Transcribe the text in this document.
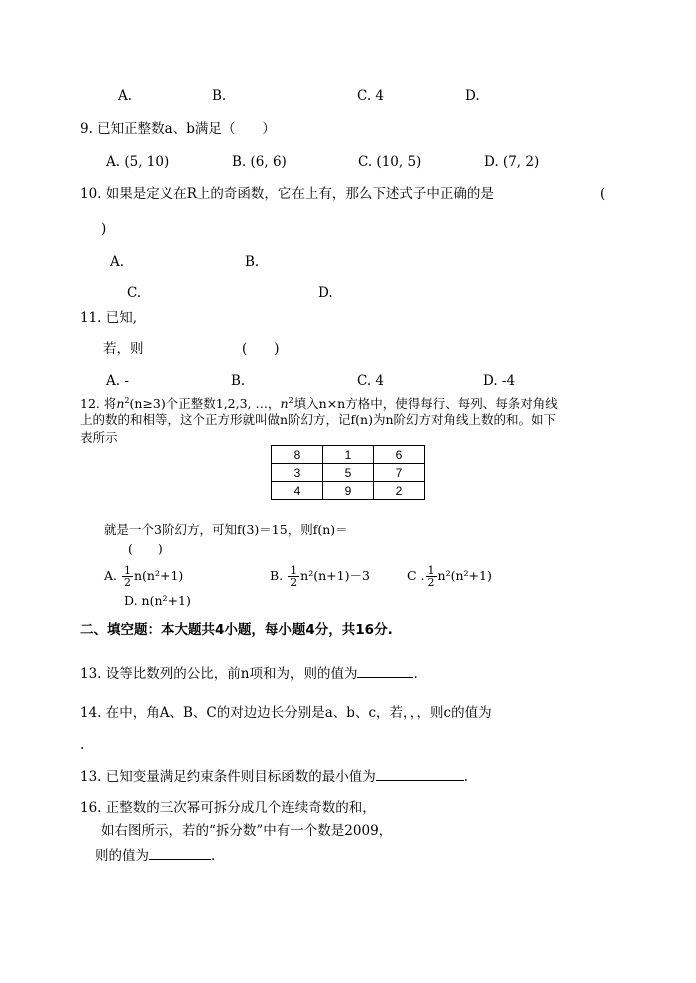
A.	B.	C. 4	D.
9. 已知正整数a、b满足（　　）
A. (5, 10)	B. (6, 6)	C. (10, 5)	D. (7, 2)
10. 如果是定义在R上的奇函数，它在上有，那么下述式子中正确的是	(
)
A.	B.
C.	D.
11. 已知,
若，则	(　　)
A. -	B.	C. 4	D. -4
12. 将$n^2(n\ge 3)$个正整数1,2,3, …，$n^2$填入n×n方格中，使得每行、每列、每条对角线
上的数的和相等，这个正方形就叫做n阶幻方，记f(n)为n阶幻方对角线上数的和。如下
表所示
8	1	6
3	5	7
4	9	2
就是一个3阶幻方，可知f(3)＝15，则f(n)＝
(　　)
A. $\frac{1}{2} n(n^2+1)$	B. $\frac{1}{2} n^2(n+1)-3$	C . $\frac{1}{2} n^2(n^2+1)$
D. n(n²+1)
二、填空题：本大题共4小题，每小题4分，共16分.
13. 设等比数列的公比，前n项和为，则的值为	.
14. 在中，角A、B、C的对边边长分别是a、b、c，若，，，则c的值为
.
13. 已知变量满足约束条件则目标函数的最小值为	.
16. 正整数的三次幂可拆分成几个连续奇数的和，
如右图所示，若的“拆分数”中有一个数是2009，
则的值为	.
